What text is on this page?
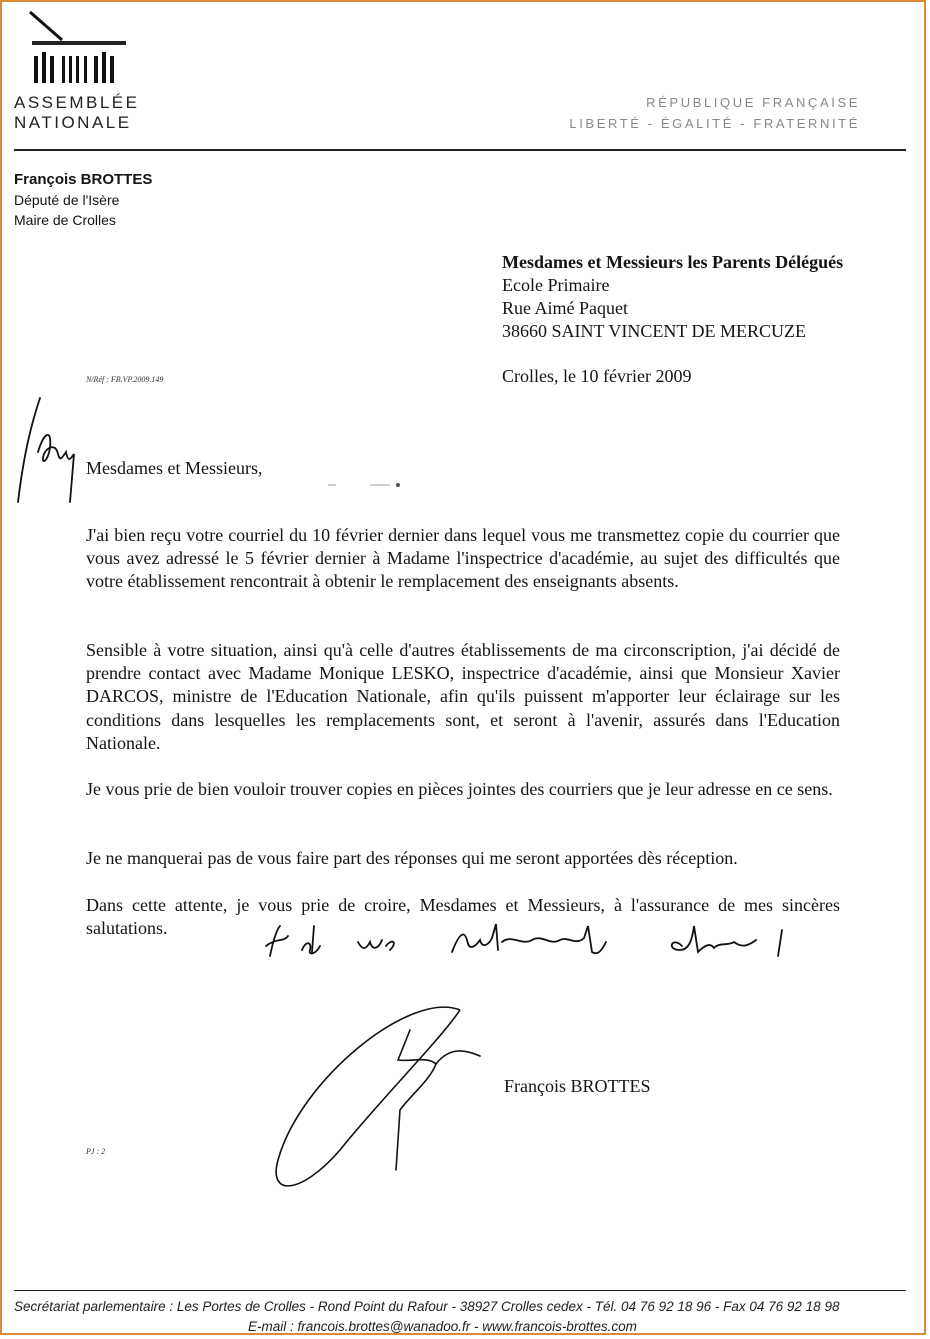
ASSEMBLÉE
NATIONALE
RÉPUBLIQUE FRANÇAISE
LIBERTÉ - ÉGALITÉ - FRATERNITÉ
François BROTTES
Député de l'Isère
Maire de Crolles
Mesdames et Messieurs les Parents Délégués
Ecole Primaire
Rue Aimé Paquet
38660 SAINT VINCENT DE MERCUZE
N/Réf : FB.VP.2009.149	Crolles, le 10 février 2009
Mesdames et Messieurs,
J'ai bien reçu votre courriel du 10 février dernier dans lequel vous me transmettez copie du courrier que vous avez adressé le 5 février dernier à Madame l'inspectrice d'académie, au sujet des difficultés que votre établissement rencontrait à obtenir le remplacement des enseignants absents.
Sensible à votre situation, ainsi qu'à celle d'autres établissements de ma circonscription, j'ai décidé de prendre contact avec Madame Monique LESKO, inspectrice d'académie, ainsi que Monsieur Xavier DARCOS, ministre de l'Education Nationale, afin qu'ils puissent m'apporter leur éclairage sur les conditions dans lesquelles les remplacements sont, et seront à l'avenir, assurés dans l'Education Nationale.
Je vous prie de bien vouloir trouver copies en pièces jointes des courriers que je leur adresse en ce sens.
Je ne manquerai pas de vous faire part des réponses qui me seront apportées dès réception.
Dans cette attente, je vous prie de croire, Mesdames et Messieurs, à l'assurance de mes sincères salutations.
François BROTTES
PJ : 2
Secrétariat parlementaire : Les Portes de Crolles - Rond Point du Rafour - 38927 Crolles cedex - Tél. 04 76 92 18 96 - Fax 04 76 92 18 98
E-mail : francois.brottes@wanadoo.fr - www.francois-brottes.com
